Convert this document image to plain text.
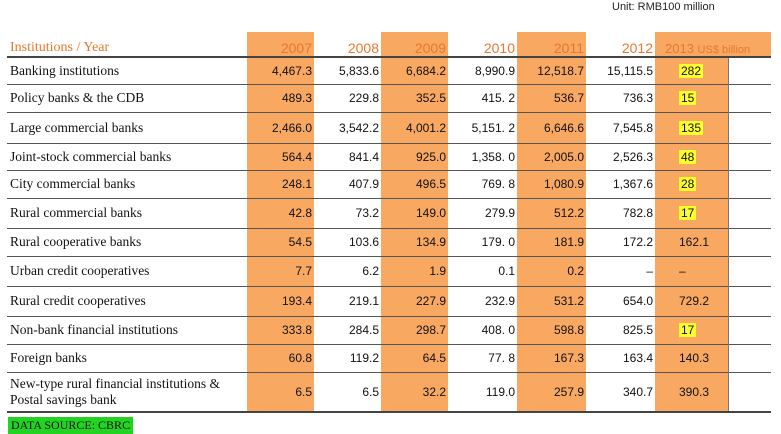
Unit: RMB100 million
Institutions / Year	2007	2008	2009	2010	2011	2012	2013 US$ billion	
Banking institutions	4,467.3	5,833.6	6,684.2	8,990.9	12,518.7	15,115.5	282	
Policy banks & the CDB	489.3	229.8	352.5	415. 2	536.7	736.3	15	
Large commercial banks	2,466.0	3,542.2	4,001.2	5,151. 2	6,646.6	7,545.8	135	
Joint-stock commercial banks	564.4	841.4	925.0	1,358. 0	2,005.0	2,526.3	48	
City commercial banks	248.1	407.9	496.5	769. 8	1,080.9	1,367.6	28	
Rural commercial banks	42.8	73.2	149.0	279.9	512.2	782.8	17	
Rural cooperative banks	54.5	103.6	134.9	179. 0	181.9	172.2	162.1	
Urban credit cooperatives	7.7	6.2	1.9	0.1	0.2	–	–	
Rural credit cooperatives	193.4	219.1	227.9	232.9	531.2	654.0	729.2	
Non-bank financial institutions	333.8	284.5	298.7	408. 0	598.8	825.5	17	
Foreign banks	60.8	119.2	64.5	77. 8	167.3	163.4	140.3	
New-type rural financial institutions & Postal savings bank	6.5	6.5	32.2	119.0	257.9	340.7	390.3	
DATA SOURCE: CBRC
